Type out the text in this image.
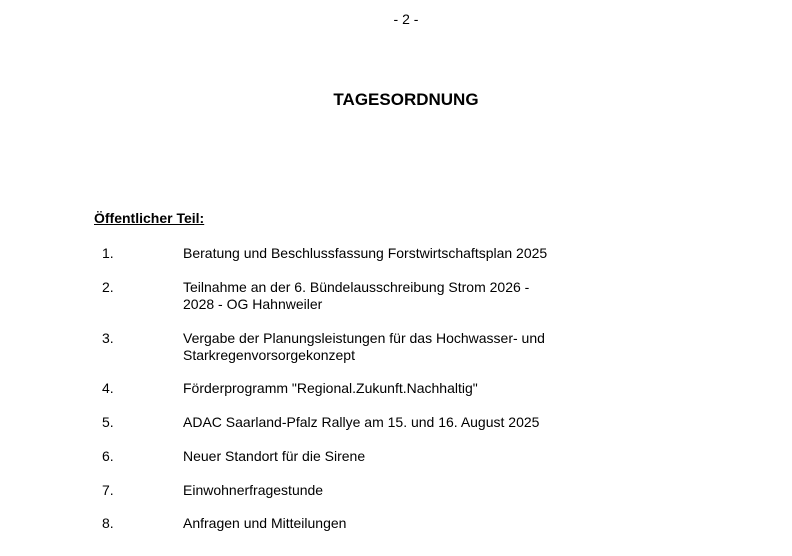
- 2 -
TAGESORDNUNG
Öffentlicher Teil:
1.	Beratung und Beschlussfassung Forstwirtschaftsplan 2025
2.	Teilnahme an der 6. Bündelausschreibung Strom 2026 - 2028 - OG Hahnweiler
3.	Vergabe der Planungsleistungen für das Hochwasser- und Starkregenvorsorgekonzept
4.	Förderprogramm "Regional.Zukunft.Nachhaltig"
5.	ADAC Saarland-Pfalz Rallye am 15. und 16. August 2025
6.	Neuer Standort für die Sirene
7.	Einwohnerfragestunde
8.	Anfragen und Mitteilungen
